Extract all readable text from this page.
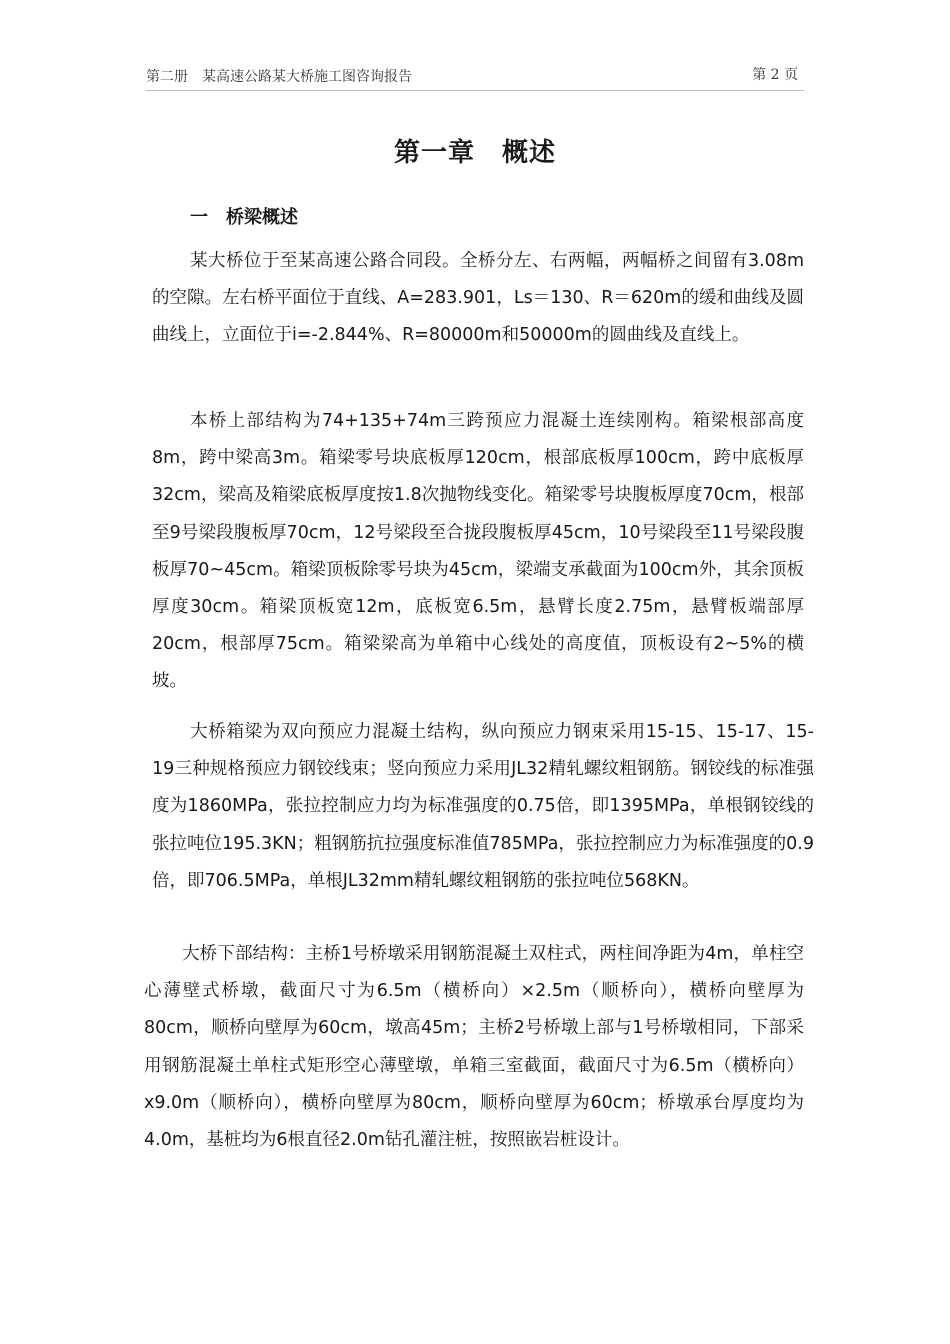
第二册　某高速公路某大桥施工图咨询报告	第 2 页
第一章　概述
一　桥梁概述

某大桥位于至某高速公路合同段。全桥分左、右两幅，两幅桥之间留有3.08m的空隙。左右桥平面位于直线、A=283.901，Ls＝130、R＝620m的缓和曲线及圆曲线上，立面位于i=-2.844%、R=80000m和50000m的圆曲线及直线上。

本桥上部结构为74+135+74m三跨预应力混凝土连续刚构。箱梁根部高度8m，跨中梁高3m。箱梁零号块底板厚120cm，根部底板厚100cm，跨中底板厚32cm，梁高及箱梁底板厚度按1.8次抛物线变化。箱梁零号块腹板厚度70cm，根部至9号梁段腹板厚70cm，12号梁段至合拢段腹板厚45cm，10号梁段至11号梁段腹板厚70~45cm。箱梁顶板除零号块为45cm，梁端支承截面为100cm外，其余顶板厚度30cm。箱梁顶板宽12m，底板宽6.5m，悬臂长度2.75m，悬臂板端部厚20cm，根部厚75cm。箱梁梁高为单箱中心线处的高度值，顶板设有2~5%的横坡。

大桥箱梁为双向预应力混凝土结构，纵向预应力钢束采用15-15、15-17、15-19三种规格预应力钢铰线束；竖向预应力采用JL32精轧螺纹粗钢筋。钢铰线的标准强度为1860MPa，张拉控制应力均为标准强度的0.75倍，即1395MPa，单根钢铰线的张拉吨位195.3KN；粗钢筋抗拉强度标准值785MPa，张拉控制应力为标准强度的0.9倍，即706.5MPa，单根JL32mm精轧螺纹粗钢筋的张拉吨位568KN。

大桥下部结构：主桥1号桥墩采用钢筋混凝土双柱式，两柱间净距为4m，单柱空心薄壁式桥墩，截面尺寸为6.5m（横桥向）×2.5m（顺桥向），横桥向壁厚为80cm，顺桥向壁厚为60cm，墩高45m；主桥2号桥墩上部与1号桥墩相同，下部采用钢筋混凝土单柱式矩形空心薄壁墩，单箱三室截面，截面尺寸为6.5m（横桥向）x9.0m（顺桥向），横桥向壁厚为80cm，顺桥向壁厚为60cm；桥墩承台厚度均为4.0m，基桩均为6根直径2.0m钻孔灌注桩，按照嵌岩桩设计。
